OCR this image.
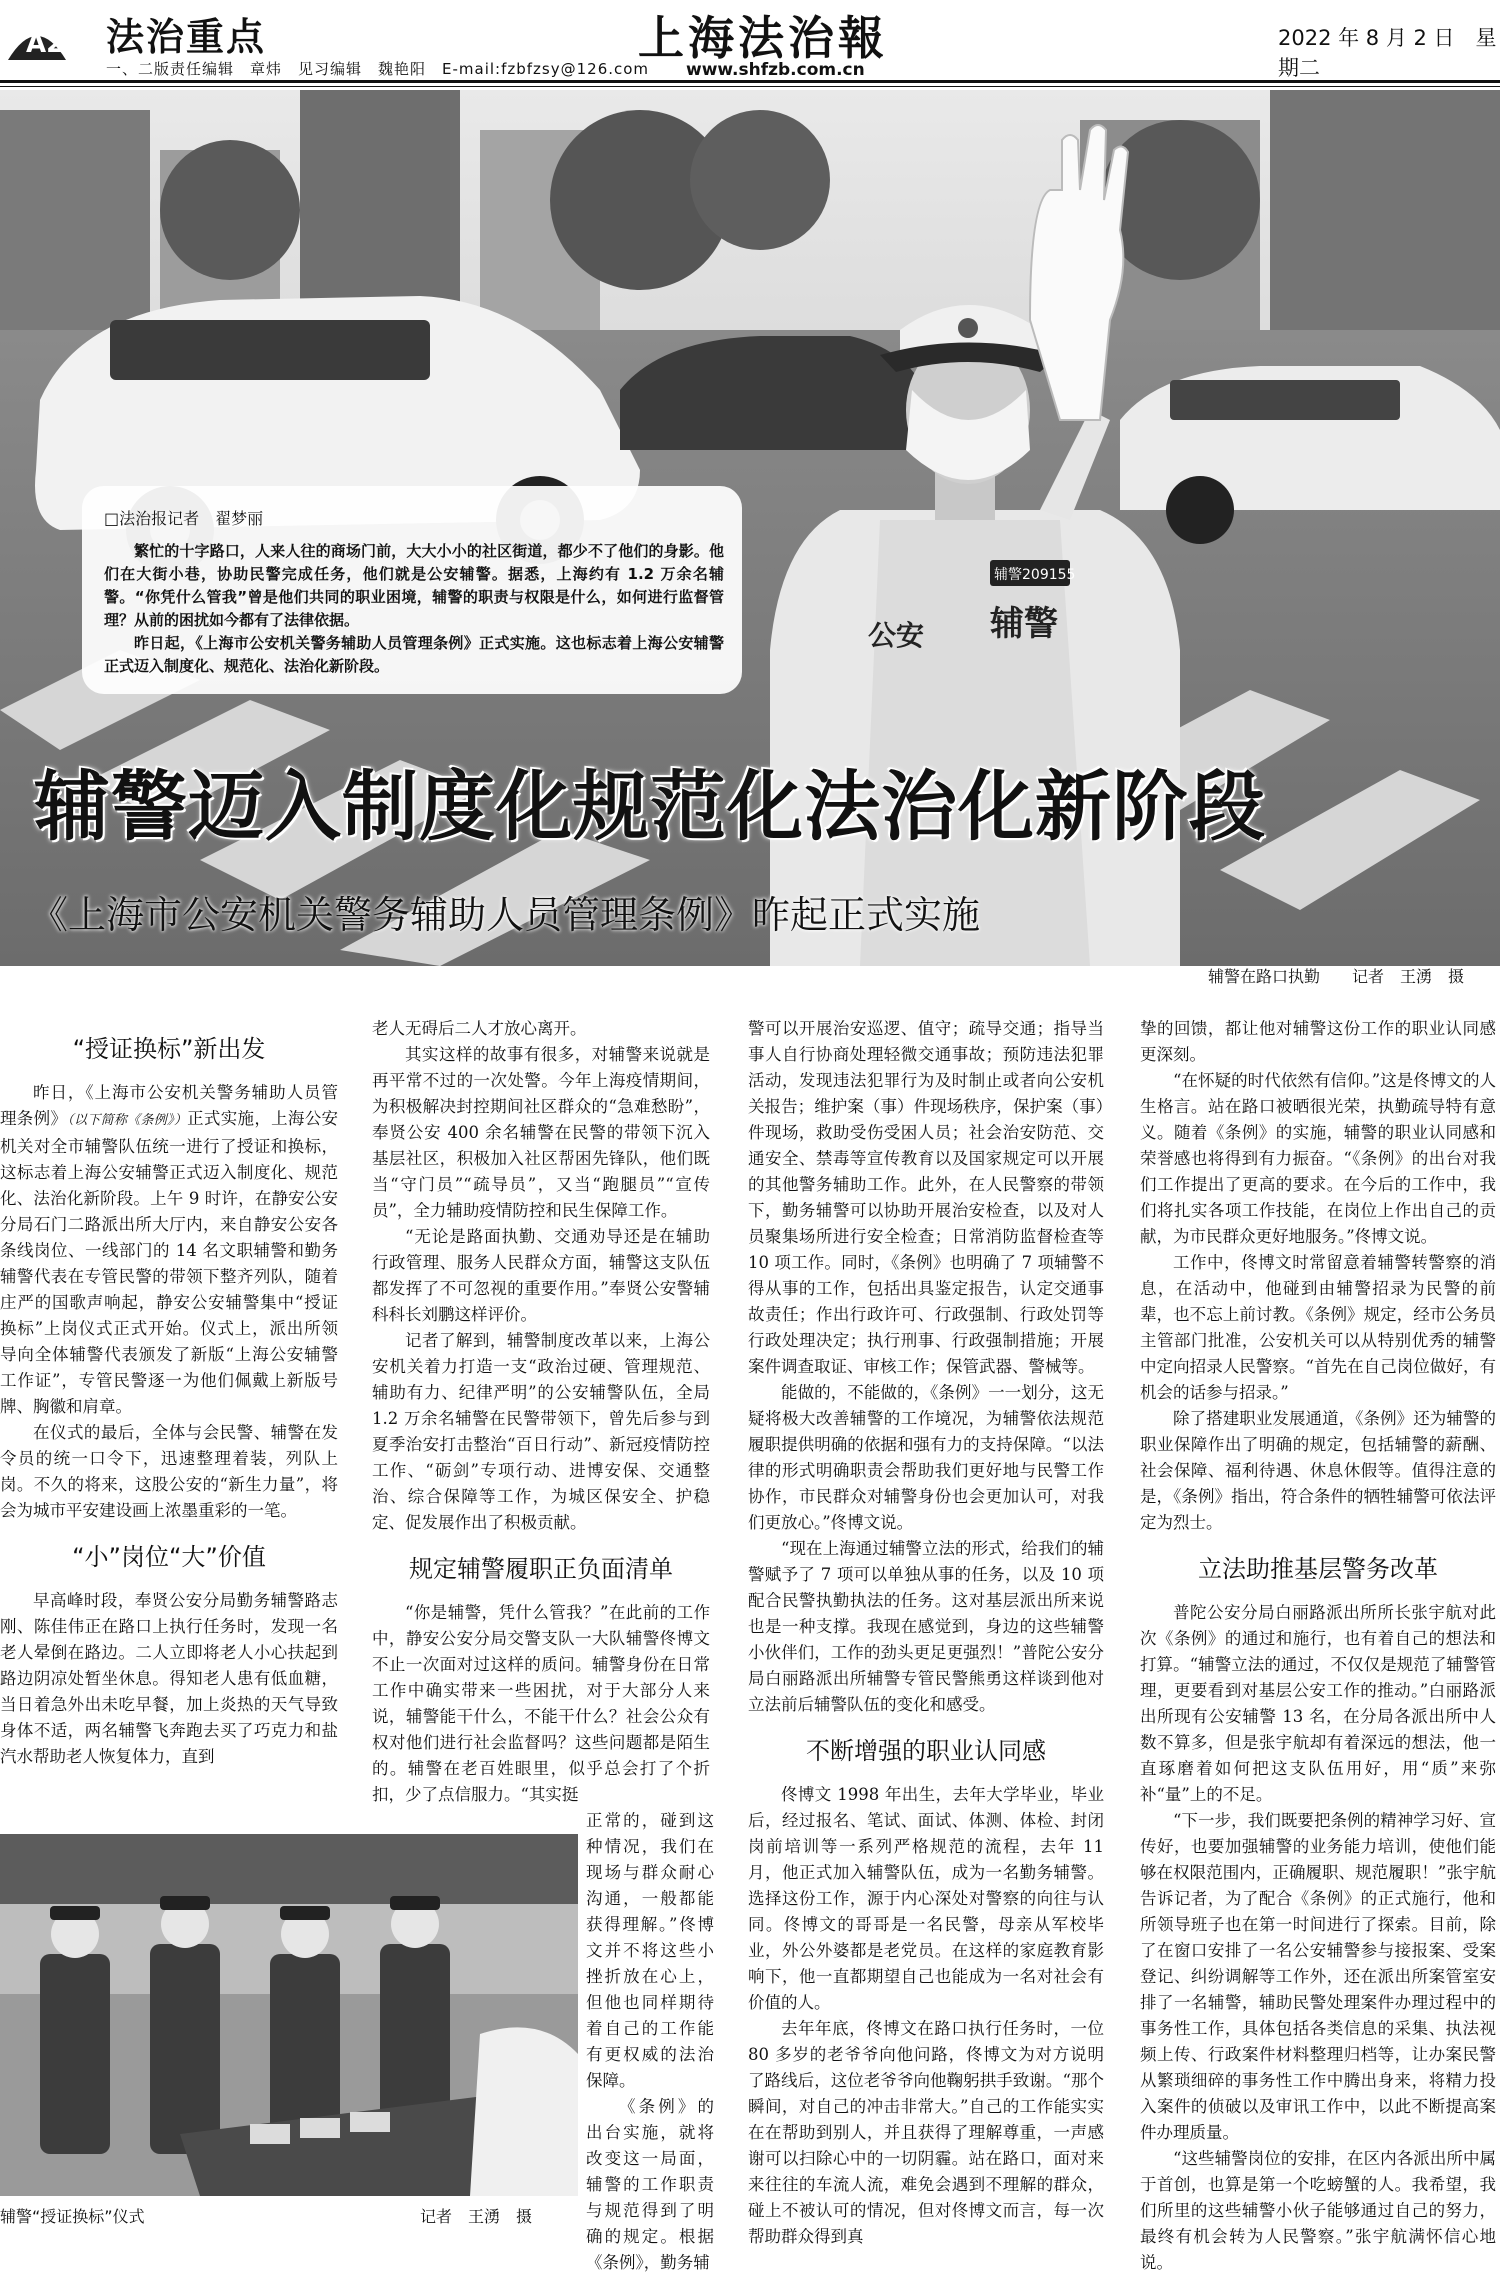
A2 法治重点
一、二版责任编辑　章炜　见习编辑　魏艳阳　E-mail:fzbfzsy@126.com
上海法治報
www.shfzb.com.cn
2022 年 8 月 2 日　星期二
辅警209155
辅警
公安
□法治报记者　翟梦丽

繁忙的十字路口，人来人往的商场门前，大大小小的社区街道，都少不了他们的身影。他们在大街小巷，协助民警完成任务，他们就是公安辅警。据悉，上海约有 1.2 万余名辅警。“你凭什么管我”曾是他们共同的职业困境，辅警的职责与权限是什么，如何进行监督管理？从前的困扰如今都有了法律依据。

昨日起，《上海市公安机关警务辅助人员管理条例》正式实施。这也标志着上海公安辅警正式迈入制度化、规范化、法治化新阶段。

辅警迈入制度化规范化法治化新阶段
《上海市公安机关警务辅助人员管理条例》昨起正式实施
辅警在路口执勤　　记者　王湧　摄

“授证换标”新出发

昨日，《上海市公安机关警务辅助人员管理条例》（以下简称《条例》）正式实施，上海公安机关对全市辅警队伍统一进行了授证和换标，这标志着上海公安辅警正式迈入制度化、规范化、法治化新阶段。上午 9 时许，在静安公安分局石门二路派出所大厅内，来自静安公安各条线岗位、一线部门的 14 名文职辅警和勤务辅警代表在专管民警的带领下整齐列队，随着庄严的国歌声响起，静安公安辅警集中“授证换标”上岗仪式正式开始。仪式上，派出所领导向全体辅警代表颁发了新版“上海公安辅警工作证”，专管民警逐一为他们佩戴上新版号牌、胸徽和肩章。

在仪式的最后，全体与会民警、辅警在发令员的统一口令下，迅速整理着装，列队上岗。不久的将来，这股公安的“新生力量”，将会为城市平安建设画上浓墨重彩的一笔。

“小”岗位“大”价值

早高峰时段，奉贤公安分局勤务辅警路志刚、陈佳伟正在路口上执行任务时，发现一名老人晕倒在路边。二人立即将老人小心扶起到路边阴凉处暂坐休息。得知老人患有低血糖，当日着急外出未吃早餐，加上炎热的天气导致身体不适，两名辅警飞奔跑去买了巧克力和盐汽水帮助老人恢复体力，直到

老人无碍后二人才放心离开。

其实这样的故事有很多，对辅警来说就是再平常不过的一次处警。今年上海疫情期间，为积极解决封控期间社区群众的“急难愁盼”，奉贤公安 400 余名辅警在民警的带领下沉入基层社区，积极加入社区帮困先锋队，他们既当“守门员”“疏导员”，又当“跑腿员”“宣传员”，全力辅助疫情防控和民生保障工作。

“无论是路面执勤、交通劝导还是在辅助行政管理、服务人民群众方面，辅警这支队伍都发挥了不可忽视的重要作用。”奉贤公安警辅科科长刘鹏这样评价。

记者了解到，辅警制度改革以来，上海公安机关着力打造一支“政治过硬、管理规范、辅助有力、纪律严明”的公安辅警队伍，全局 1.2 万余名辅警在民警带领下，曾先后参与到夏季治安打击整治“百日行动”、新冠疫情防控工作、“砺剑”专项行动、进博安保、交通整治、综合保障等工作，为城区保安全、护稳定、促发展作出了积极贡献。

规定辅警履职正负面清单

“你是辅警，凭什么管我？”在此前的工作中，静安公安分局交警支队一大队辅警佟博文不止一次面对过这样的质问。辅警身份在日常工作中确实带来一些困扰，对于大部分人来说，辅警能干什么，不能干什么？社会公众有权对他们进行社会监督吗？这些问题都是陌生的。辅警在老百姓眼里，似乎总会打了个折扣，少了点信服力。“其实挺

正常的，碰到这种情况，我们在现场与群众耐心沟通，一般都能获得理解。”佟博文并不将这些小挫折放在心上，但他也同样期待着自己的工作能有更权威的法治保障。

《条例》的出台实施，就将改变这一局面，辅警的工作职责与规范得到了明确的规定。根据《条例》，勤务辅

警可以开展治安巡逻、值守；疏导交通；指导当事人自行协商处理轻微交通事故；预防违法犯罪活动，发现违法犯罪行为及时制止或者向公安机关报告；维护案（事）件现场秩序，保护案（事）件现场，救助受伤受困人员；社会治安防范、交通安全、禁毒等宣传教育以及国家规定可以开展的其他警务辅助工作。此外，在人民警察的带领下，勤务辅警可以协助开展治安检查，以及对人员聚集场所进行安全检查；日常消防监督检查等 10 项工作。同时，《条例》也明确了 7 项辅警不得从事的工作，包括出具鉴定报告，认定交通事故责任；作出行政许可、行政强制、行政处罚等行政处理决定；执行刑事、行政强制措施；开展案件调查取证、审核工作；保管武器、警械等。

能做的，不能做的，《条例》一一划分，这无疑将极大改善辅警的工作境况，为辅警依法规范履职提供明确的依据和强有力的支持保障。“以法律的形式明确职责会帮助我们更好地与民警工作协作，市民群众对辅警身份也会更加认可，对我们更放心。”佟博文说。

“现在上海通过辅警立法的形式，给我们的辅警赋予了 7 项可以单独从事的任务，以及 10 项配合民警执勤执法的任务。这对基层派出所来说也是一种支撑。我现在感觉到，身边的这些辅警小伙伴们，工作的劲头更足更强烈！”普陀公安分局白丽路派出所辅警专管民警熊勇这样谈到他对立法前后辅警队伍的变化和感受。

不断增强的职业认同感

佟博文 1998 年出生，去年大学毕业，毕业后，经过报名、笔试、面试、体测、体检、封闭岗前培训等一系列严格规范的流程，去年 11 月，他正式加入辅警队伍，成为一名勤务辅警。选择这份工作，源于内心深处对警察的向往与认同。佟博文的哥哥是一名民警，母亲从军校毕业，外公外婆都是老党员。在这样的家庭教育影响下，他一直都期望自己也能成为一名对社会有价值的人。

去年年底，佟博文在路口执行任务时，一位 80 多岁的老爷爷向他问路，佟博文为对方说明了路线后，这位老爷爷向他鞠躬拱手致谢。“那个瞬间，对自己的冲击非常大。”自己的工作能实实在在帮助到别人，并且获得了理解尊重，一声感谢可以扫除心中的一切阴霾。站在路口，面对来来往往的车流人流，难免会遇到不理解的群众，碰上不被认可的情况，但对佟博文而言，每一次帮助群众得到真

挚的回馈，都让他对辅警这份工作的职业认同感更深刻。

“在怀疑的时代依然有信仰。”这是佟博文的人生格言。站在路口被晒很光荣，执勤疏导特有意义。随着《条例》的实施，辅警的职业认同感和荣誉感也将得到有力振奋。“《条例》的出台对我们工作提出了更高的要求。在今后的工作中，我们将扎实各项工作技能，在岗位上作出自己的贡献，为市民群众更好地服务。”佟博文说。

工作中，佟博文时常留意着辅警转警察的消息，在活动中，他碰到由辅警招录为民警的前辈，也不忘上前讨教。《条例》规定，经市公务员主管部门批准，公安机关可以从特别优秀的辅警中定向招录人民警察。“首先在自己岗位做好，有机会的话参与招录。”

除了搭建职业发展通道，《条例》还为辅警的职业保障作出了明确的规定，包括辅警的薪酬、社会保障、福利待遇、休息休假等。值得注意的是，《条例》指出，符合条件的牺牲辅警可依法评定为烈士。

立法助推基层警务改革

普陀公安分局白丽路派出所所长张宇航对此次《条例》的通过和施行，也有着自己的想法和打算。“辅警立法的通过，不仅仅是规范了辅警管理，更要看到对基层公安工作的推动。”白丽路派出所现有公安辅警 13 名，在分局各派出所中人数不算多，但是张宇航却有着深远的想法，他一直琢磨着如何把这支队伍用好，用“质”来弥补“量”上的不足。

“下一步，我们既要把条例的精神学习好、宣传好，也要加强辅警的业务能力培训，使他们能够在权限范围内，正确履职、规范履职！”张宇航告诉记者，为了配合《条例》的正式施行，他和所领导班子也在第一时间进行了探索。目前，除了在窗口安排了一名公安辅警参与接报案、受案登记、纠纷调解等工作外，还在派出所案管室安排了一名辅警，辅助民警处理案件办理过程中的事务性工作，具体包括各类信息的采集、执法视频上传、行政案件材料整理归档等，让办案民警从繁琐细碎的事务性工作中腾出身来，将精力投入案件的侦破以及审讯工作中，以此不断提高案件办理质量。

“这些辅警岗位的安排，在区内各派出所中属于首创，也算是第一个吃螃蟹的人。我希望，我们所里的这些辅警小伙子能够通过自己的努力，最终有机会转为人民警察。”张宇航满怀信心地说。

辅警“授证换标”仪式	记者　王湧　摄
